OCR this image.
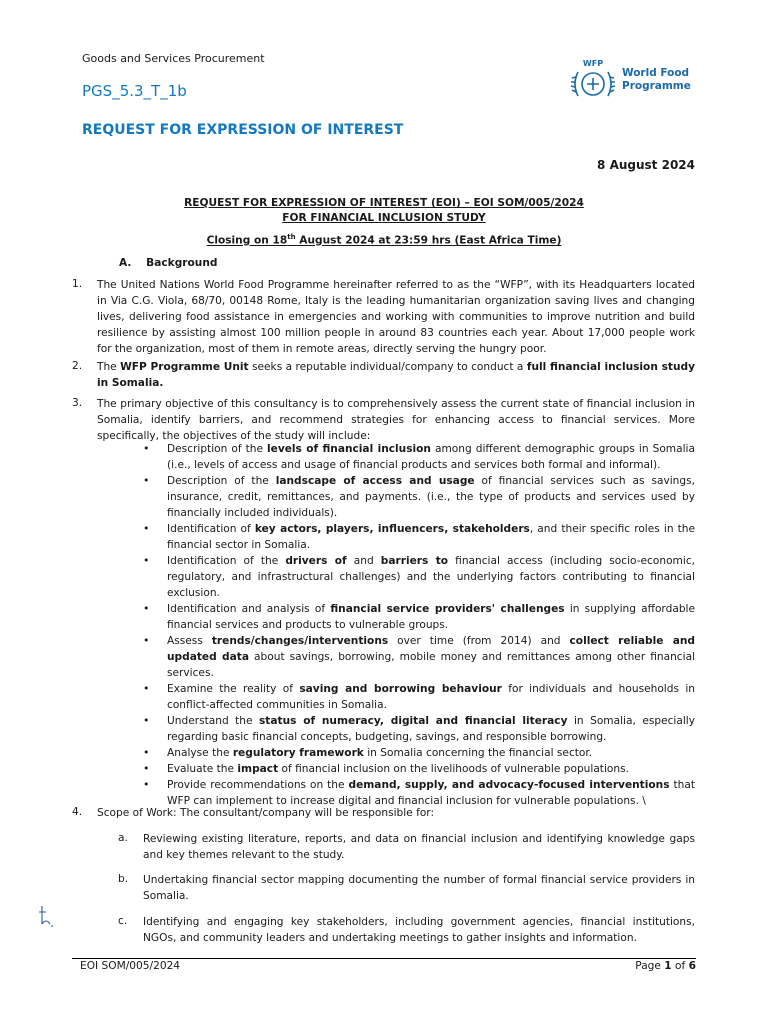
Goods and Services Procurement
PGS_5.3_T_1b
REQUEST FOR EXPRESSION OF INTEREST
WFP
World Food
Programme
8 August 2024
REQUEST FOR EXPRESSION OF INTEREST (EOI) – EOI SOM/005/2024
FOR FINANCIAL INCLUSION STUDY
Closing on 18th August 2024 at 23:59 hrs (East Africa Time)
A.    Background
1. The United Nations World Food Programme hereinafter referred to as the “WFP”, with its Headquarters located in Via C.G. Viola, 68/70, 00148 Rome, Italy is the leading humanitarian organization saving lives and changing lives, delivering food assistance in emergencies and working with communities to improve nutrition and build resilience by assisting almost 100 million people in around 83 countries each year. About 17,000 people work for the organization, most of them in remote areas, directly serving the hungry poor.
2. The WFP Programme Unit seeks a reputable individual/company to conduct a full financial inclusion study in Somalia.
3. The primary objective of this consultancy is to comprehensively assess the current state of financial inclusion in Somalia, identify barriers, and recommend strategies for enhancing access to financial services. More specifically, the objectives of the study will include:
• Description of the levels of financial inclusion among different demographic groups in Somalia (i.e., levels of access and usage of financial products and services both formal and informal).
• Description of the landscape of access and usage of financial services such as savings, insurance, credit, remittances, and payments. (i.e., the type of products and services used by financially included individuals).
• Identification of key actors, players, influencers, stakeholders, and their specific roles in the financial sector in Somalia.
• Identification of the drivers of and barriers to financial access (including socio-economic, regulatory, and infrastructural challenges) and the underlying factors contributing to financial exclusion.
• Identification and analysis of financial service providers' challenges in supplying affordable financial services and products to vulnerable groups.
• Assess trends/changes/interventions over time (from 2014) and collect reliable and updated data about savings, borrowing, mobile money and remittances among other financial services.
• Examine the reality of saving and borrowing behaviour for individuals and households in conflict-affected communities in Somalia.
• Understand the status of numeracy, digital and financial literacy in Somalia, especially regarding basic financial concepts, budgeting, savings, and responsible borrowing.
• Analyse the regulatory framework in Somalia concerning the financial sector.
• Evaluate the impact of financial inclusion on the livelihoods of vulnerable populations.
• Provide recommendations on the demand, supply, and advocacy-focused interventions that WFP can implement to increase digital and financial inclusion for vulnerable populations. \
4. Scope of Work: The consultant/company will be responsible for:
a. Reviewing existing literature, reports, and data on financial inclusion and identifying knowledge gaps and key themes relevant to the study.
b. Undertaking financial sector mapping documenting the number of formal financial service providers in Somalia.
c. Identifying and engaging key stakeholders, including government agencies, financial institutions, NGOs, and community leaders and undertaking meetings to gather insights and information.
EOI SOM/005/2024	Page 1 of 6
